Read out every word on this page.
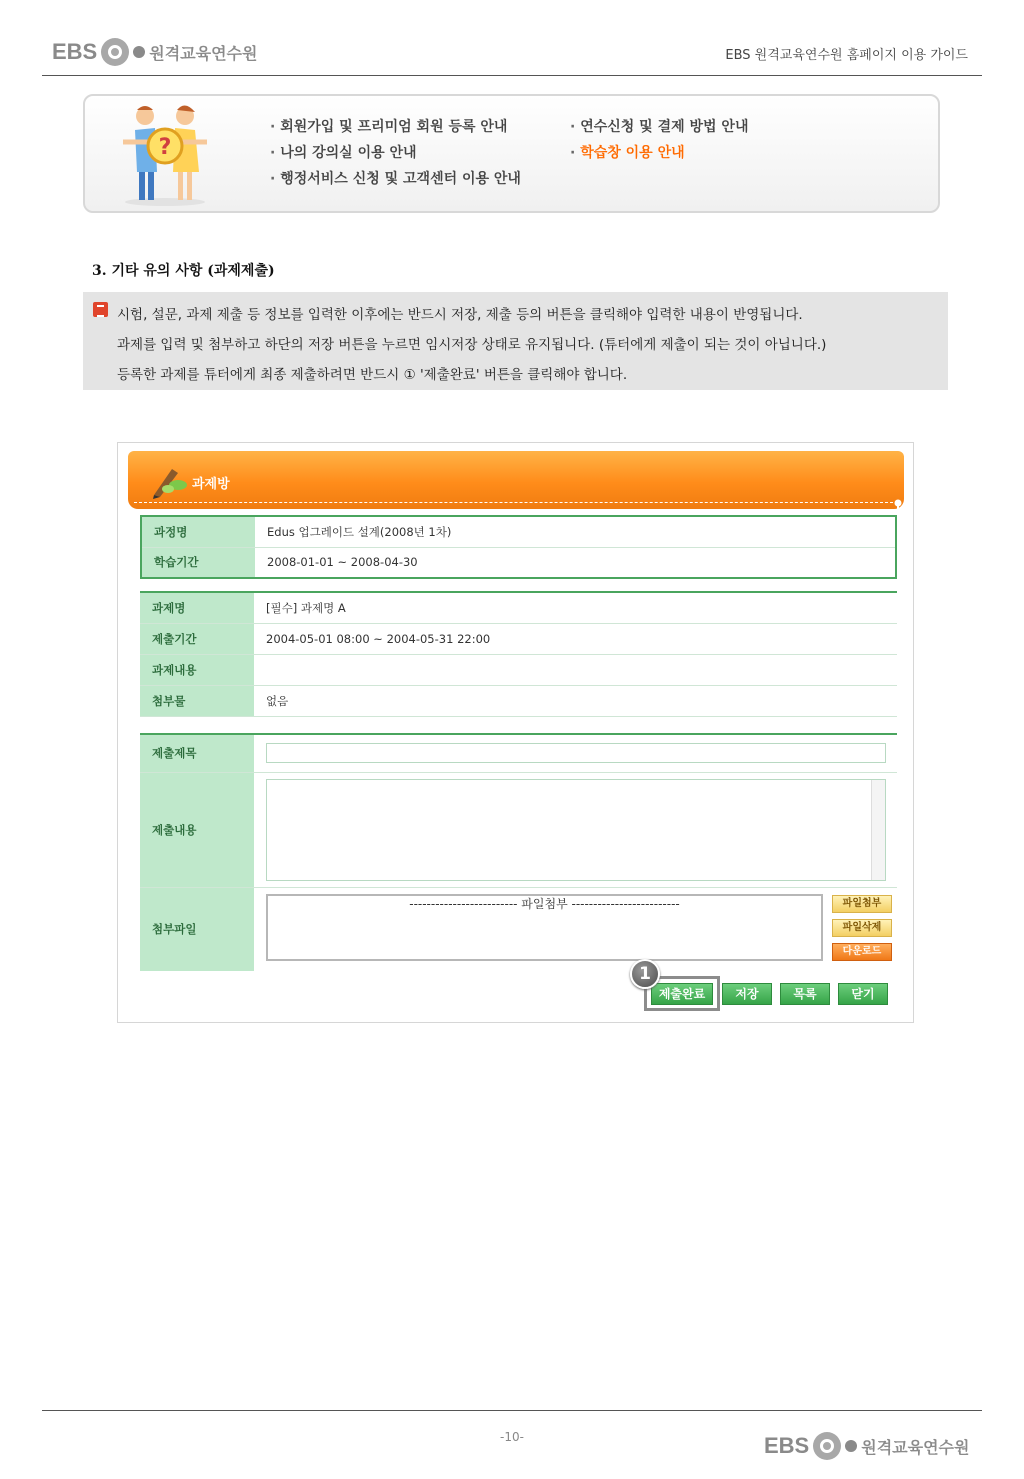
EBS	원격교육연수원	EBS 원격교육연수원 홈페이지 이용 가이드
?
· 회원가입 및 프리미엄 회원 등록 안내
· 나의 강의실 이용 안내
· 행정서비스 신청 및 고객센터 이용 안내
· 연수신청 및 결제 방법 안내
· 학습창 이용 안내
3. 기타 유의 사항 (과제제출)
시험, 설문, 과제 제출 등 정보를 입력한 이후에는 반드시 저장, 제출 등의 버튼을 클릭해야 입력한 내용이 반영됩니다.
과제를 입력 및 첨부하고 하단의 저장 버튼을 누르면 임시저장 상태로 유지됩니다. (튜터에게 제출이 되는 것이 아닙니다.)
등록한 과제를 튜터에게 최종 제출하려면 반드시 ① '제출완료' 버튼을 클릭해야 합니다.
과제방
과정명	Edus 업그레이드 설계(2008년 1차)
학습기간	2008-01-01 ~ 2008-04-30
과제명	[필수] 과제명 A
제출기간	2004-05-01 08:00 ~ 2004-05-31 22:00
과제내용	
첨부물	없음
제출제목	
제출내용	
첨부파일	
------------------------- 파일첨부 -------------------------	파일첨부
파일삭제
다운로드
제출완료	저장	목록	닫기
1
-10-	EBS	원격교육연수원
